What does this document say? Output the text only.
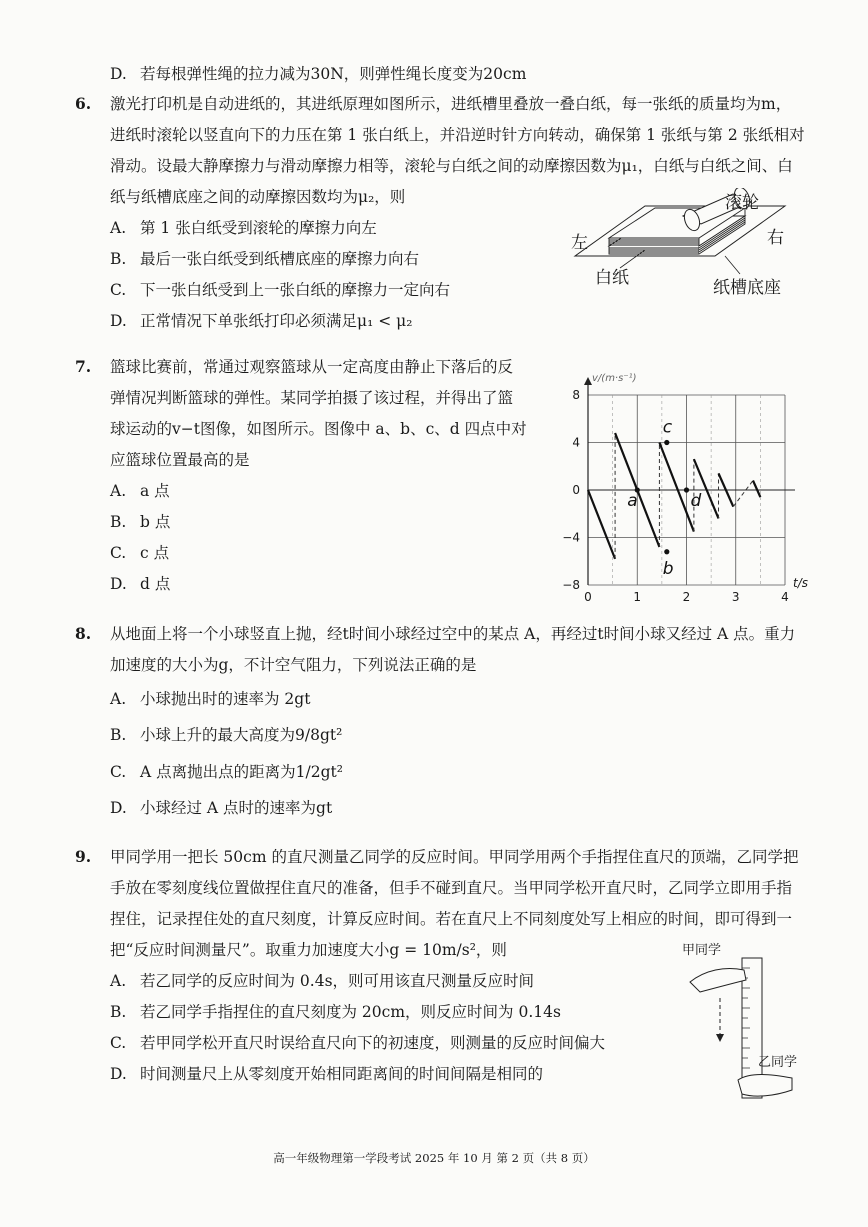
D. 若每根弹性绳的拉力减为30N，则弹性绳长度变为20cm
6. 激光打印机是自动进纸的，其进纸原理如图所示，进纸槽里叠放一叠白纸，每一张纸的质量均为m，
进纸时滚轮以竖直向下的力压在第 1 张白纸上，并沿逆时针方向转动，确保第 1 张纸与第 2 张纸相对
滑动。设最大静摩擦力与滑动摩擦力相等，滚轮与白纸之间的动摩擦因数为μ₁，白纸与白纸之间、白
纸与纸槽底座之间的动摩擦因数均为μ₂，则
A. 第 1 张白纸受到滚轮的摩擦力向左
B. 最后一张白纸受到纸槽底座的摩擦力向右
C. 下一张白纸受到上一张白纸的摩擦力一定向右
D. 正常情况下单张纸打印必须满足μ₁ < μ₂
滚轮
左	右
白纸	纸槽底座
7. 篮球比赛前，常通过观察篮球从一定高度由静止下落后的反
弹情况判断篮球的弹性。某同学拍摄了该过程，并得出了篮
球运动的v−t图像，如图所示。图像中 a、b、c、d 四点中对
应篮球位置最高的是
A. a 点
B. b 点
C. c 点
D. d 点
8
4
0
−4
−8
0	1	2	3	4
v/(m·s⁻¹)
t/s
a
b
c
d
8. 从地面上将一个小球竖直上抛，经t时间小球经过空中的某点 A，再经过t时间小球又经过 A 点。重力
加速度的大小为g，不计空气阻力，下列说法正确的是
A. 小球抛出时的速率为 2gt
B. 小球上升的最大高度为9/8gt²
C. A 点离抛出点的距离为1/2gt²
D. 小球经过 A 点时的速率为gt
9. 甲同学用一把长 50cm 的直尺测量乙同学的反应时间。甲同学用两个手指捏住直尺的顶端，乙同学把
手放在零刻度线位置做捏住直尺的准备，但手不碰到直尺。当甲同学松开直尺时，乙同学立即用手指
捏住，记录捏住处的直尺刻度，计算反应时间。若在直尺上不同刻度处写上相应的时间，即可得到一
把“反应时间测量尺”。取重力加速度大小g = 10m/s²，则
A. 若乙同学的反应时间为 0.4s，则可用该直尺测量反应时间
B. 若乙同学手指捏住的直尺刻度为 20cm，则反应时间为 0.14s
C. 若甲同学松开直尺时误给直尺向下的初速度，则测量的反应时间偏大
D. 时间测量尺上从零刻度开始相同距离间的时间间隔是相同的
甲同学
乙同学
高一年级物理第一学段考试 2025 年 10 月 第 2 页（共 8 页）
